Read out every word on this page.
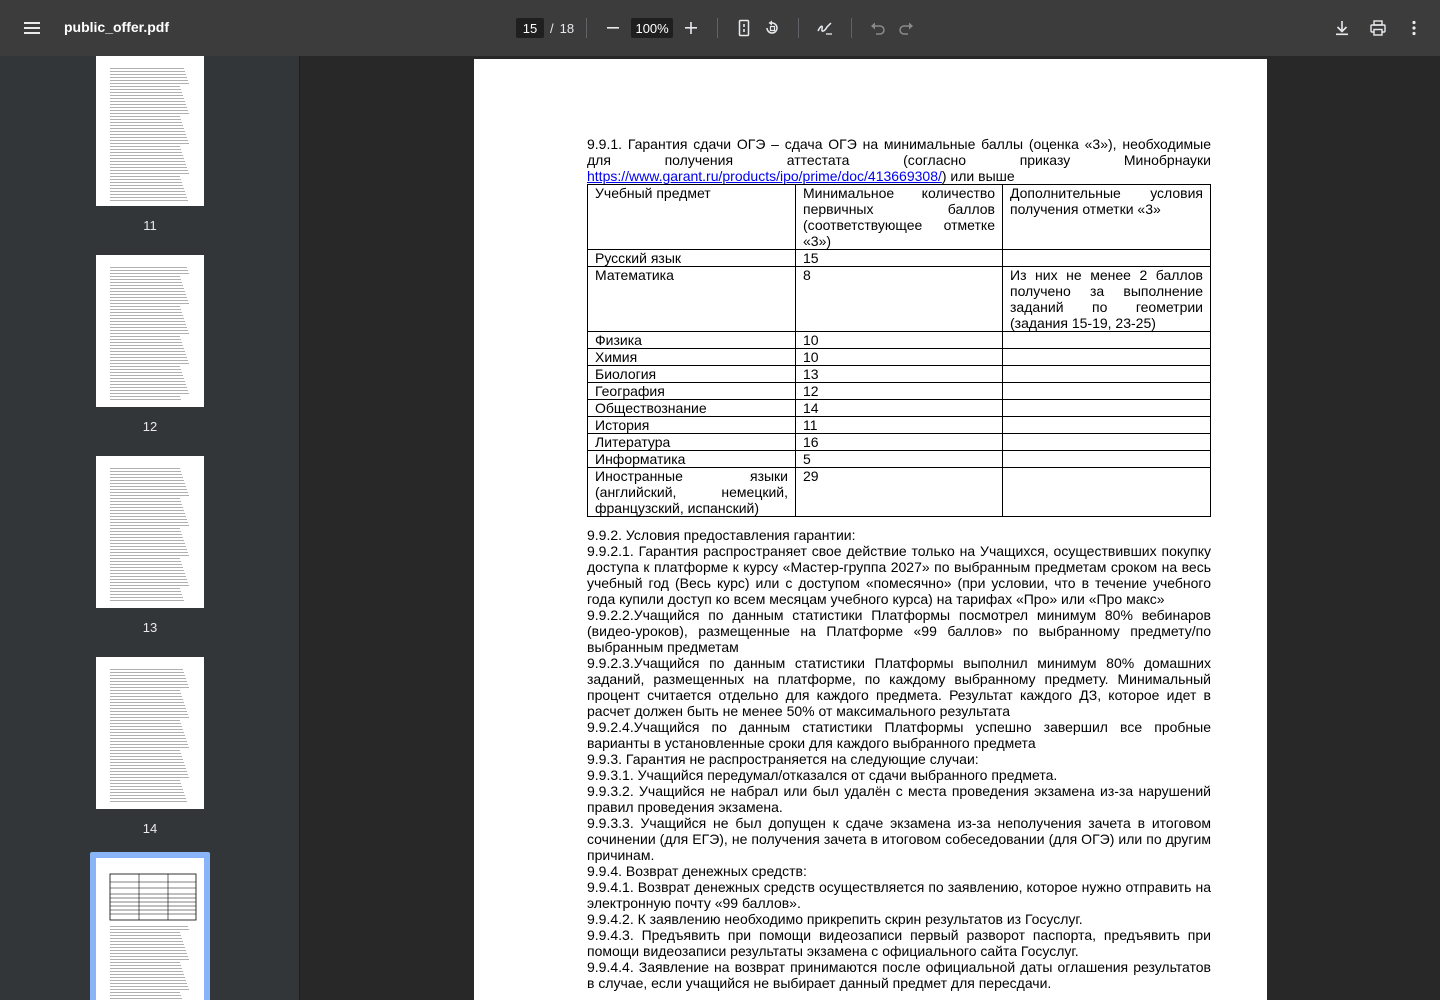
public_offer.pdf	15 / 18	100%
11
12
13
14

9.9.1. Гарантия сдачи ОГЭ – сдача ОГЭ на минимальные баллы (оценка «3»), необходимые для получения аттестата (согласно приказу Минобрнауки https://www.garant.ru/products/ipo/prime/doc/413669308/) или выше

Учебный предмет	Минимальное количество первичных баллов (соответствующее отметке «3»)	Дополнительные условия получения отметки «3»
Русский язык	15	
Математика	8	Из них не менее 2 баллов получено за выполнение заданий по геометрии (задания 15-19, 23-25)
Физика	10	
Химия	10	
Биология	13	
География	12	
Обществознание	14	
История	11	
Литература	16	
Информатика	5	
Иностранные языки (английский, немецкий, французский, испанский)	29	

9.9.2. Условия предоставления гарантии:

9.9.2.1. Гарантия распространяет свое действие только на Учащихся, осуществивших покупку доступа к платформе к курсу «Мастер-группа 2027» по выбранным предметам сроком на весь учебный год (Весь курс) или с доступом «помесячно» (при условии, что в течение учебного года купили доступ ко всем месяцам учебного курса) на тарифах «Про» или «Про макс»

9.9.2.2.Учащийся по данным статистики Платформы посмотрел минимум 80% вебинаров (видео-уроков), размещенные на Платформе «99 баллов» по выбранному предмету/по выбранным предметам

9.9.2.3.Учащийся по данным статистики Платформы выполнил минимум 80% домашних заданий, размещенных на платформе, по каждому выбранному предмету. Минимальный процент считается отдельно для каждого предмета. Результат каждого ДЗ, которое идет в расчет должен быть не менее 50% от максимального результата

9.9.2.4.Учащийся по данным статистики Платформы успешно завершил все пробные варианты в установленные сроки для каждого выбранного предмета

9.9.3. Гарантия не распространяется на следующие случаи:

9.9.3.1. Учащийся передумал/отказался от сдачи выбранного предмета.

9.9.3.2. Учащийся не набрал или был удалён с места проведения экзамена из-за нарушений правил проведения экзамена.

9.9.3.3. Учащийся не был допущен к сдаче экзамена из-за неполучения зачета в итоговом сочинении (для ЕГЭ), не получения зачета в итоговом собеседовании (для ОГЭ) или по другим причинам.

9.9.4. Возврат денежных средств:

9.9.4.1. Возврат денежных средств осуществляется по заявлению, которое нужно отправить на электронную почту «99 баллов».

9.9.4.2. К заявлению необходимо прикрепить скрин результатов из Госуслуг.

9.9.4.3. Предъявить при помощи видеозаписи первый разворот паспорта, предъявить при помощи видеозаписи результаты экзамена с официального сайта Госуслуг.

9.9.4.4. Заявление на возврат принимаются после официальной даты оглашения результатов в случае, если учащийся не выбирает данный предмет для пересдачи.
